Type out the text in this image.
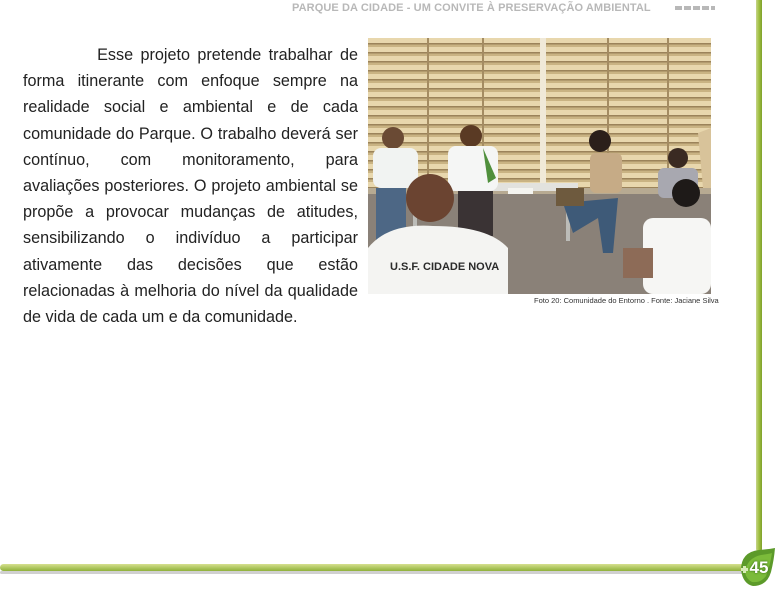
PARQUE DA CIDADE - UM CONVITE À PRESERVAÇÃO AMBIENTAL

Esse projeto pretende trabalhar de forma itinerante com enfoque sempre na realidade social e ambiental e de cada comunidade do Parque. O trabalho deverá ser contínuo, com monitoramento, para avaliações posteriores. O projeto ambiental se propõe a provocar mudanças de atitudes, sensibilizando o indivíduo a participar ativamente das decisões que estão relacionadas à melhoria do nível da qualidade de vida de cada um e da comunidade.

U.S.F. CIDADE NOVA
Foto 20: Comunidade do Entorno . Fonte: Jaciane Silva
45
